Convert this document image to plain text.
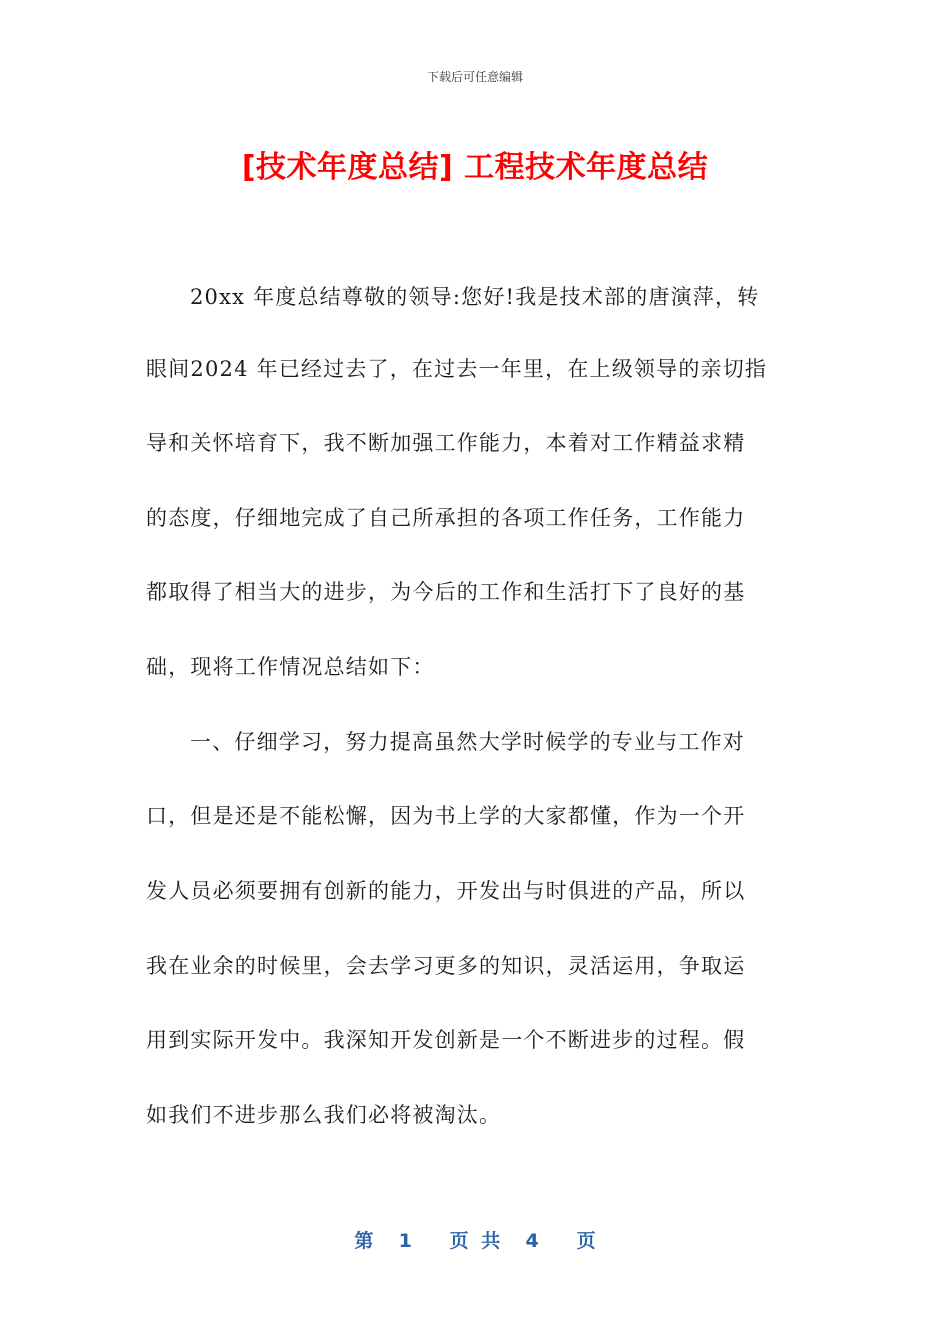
下载后可任意编辑
[技术年度总结] 工程技术年度总结
20xx 年度总结尊敬的领导:您好!我是技术部的唐演萍，转
眼间2024 年已经过去了，在过去一年里，在上级领导的亲切指
导和关怀培育下，我不断加强工作能力，本着对工作精益求精
的态度，仔细地完成了自己所承担的各项工作任务，工作能力
都取得了相当大的进步，为今后的工作和生活打下了良好的基
础，现将工作情况总结如下：
一、仔细学习，努力提高虽然大学时候学的专业与工作对
口，但是还是不能松懈，因为书上学的大家都懂，作为一个开
发人员必须要拥有创新的能力，开发出与时俱进的产品，所以
我在业余的时候里，会去学习更多的知识，灵活运用，争取运
用到实际开发中。我深知开发创新是一个不断进步的过程。假
如我们不进步那么我们必将被淘汰。
第  1   页 共  4   页
